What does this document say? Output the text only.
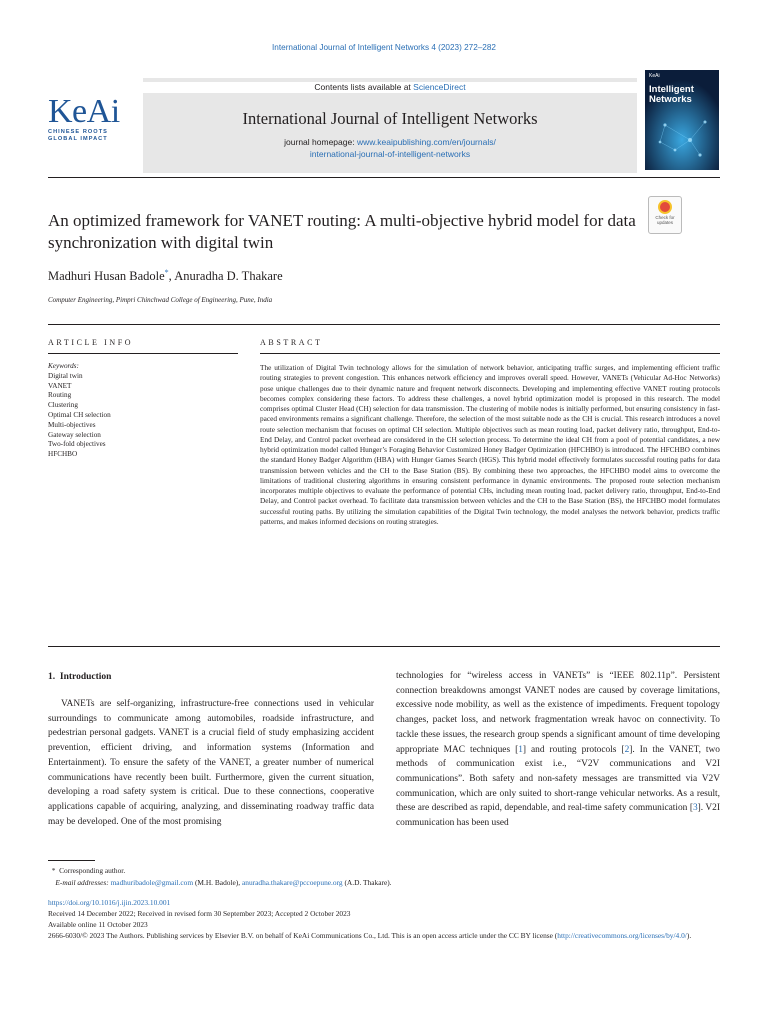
International Journal of Intelligent Networks 4 (2023) 272–282
KeAi
CHINESE ROOTS
GLOBAL IMPACT
Contents lists available at ScienceDirect
International Journal of Intelligent Networks
journal homepage: www.keaipublishing.com/en/journals/
international-journal-of-intelligent-networks
KeAi
Intelligent Networks
Check for
updates
An optimized framework for VANET routing: A multi-objective hybrid model for data synchronization with digital twin
Madhuri Husan Badole*, Anuradha D. Thakare
Computer Engineering, Pimpri Chinchwad College of Engineering, Pune, India
ARTICLE INFO	ABSTRACT
Keywords:
Digital twin
VANET
Routing
Clustering
Optimal CH selection
Multi-objectives
Gateway selection
Two-fold objectives
HFCHBO
The utilization of Digital Twin technology allows for the simulation of network behavior, anticipating traffic surges, and implementing efficient traffic routing strategies to prevent congestion. This enhances network efficiency and improves overall speed. However, VANETs (Vehicular Ad-Hoc Networks) pose unique challenges due to their dynamic nature and frequent network disconnects. Developing and implementing effective VANET routing protocols becomes complex considering these factors. To address these challenges, a novel hybrid optimization model is proposed in this research. The model comprises optimal Cluster Head (CH) selection for data transmission. The clustering of mobile nodes is initially performed, but ensuring consistency in fast-paced environments remains a significant challenge. Therefore, the selection of the most suitable node as the CH is crucial. This research introduces a novel route selection mechanism that focuses on optimal CH selection. Multiple objectives such as mean routing load, packet delivery ratio, throughput, End-to-End Delay, and Control packet overhead are considered in the CH selection process. To determine the ideal CH from a pool of potential candidates, a new hybrid optimization model called Hunger’s Foraging Behavior Customized Honey Badger Optimization (HFCHBO) is introduced. The HFCHBO combines the standard Honey Badger Algorithm (HBA) with Hunger Games Search (HGS). This hybrid model effectively formulates successful routing paths for data transmission between vehicles and the CH to the Base Station (BS). By combining these two approaches, the HFCHBO model aims to overcome the limitations of traditional clustering algorithms in ensuring consistent performance in dynamic environments. The proposed route selection mechanism incorporates multiple objectives to evaluate the performance of potential CHs, including mean routing load, packet delivery ratio, throughput, End-to-End Delay, and Control packet overhead. To facilitate data transmission between vehicles and the CH to the Base Station (BS), the HFCHBO model formulates successful routing paths. By utilizing the simulation capabilities of the Digital Twin technology, the model analyses the network behavior, predicts traffic patterns, and makes informed decisions on routing strategies.
1. Introduction
VANETs are self-organizing, infrastructure-free connections used in vehicular surroundings to communicate among automobiles, roadside infrastructure, and pedestrian personal gadgets. VANET is a crucial field of study emphasizing accident prevention, efficient driving, and information systems (Information and Entertainment). To ensure the safety of the VANET, a greater number of numerical communications have recently been built. Furthermore, given the current situation, developing a road safety system is critical. Due to these connections, cooperative applications capable of acquiring, analyzing, and disseminating roadway traffic data may be developed. One of the most promising
technologies for “wireless access in VANETs” is “IEEE 802.11p”. Persistent connection breakdowns amongst VANET nodes are caused by coverage limitations, excessive node mobility, as well as the existence of impediments. Frequent topology changes, packet loss, and network fragmentation wreak havoc on connectivity. To tackle these issues, the research group spends a significant amount of time developing appropriate MAC techniques [1] and routing protocols [2]. In the VANET, two methods of communication exist i.e., “V2V communications and V2I communications”. Both safety and non-safety messages are transmitted via V2V communication, which are only suited to short-range vehicular networks. As a result, these are described as rapid, dependable, and real-time safety communication [3]. V2I communication has been used
* Corresponding author.
E-mail addresses: madhuribadole@gmail.com (M.H. Badole), anuradha.thakare@pccoepune.org (A.D. Thakare).
https://doi.org/10.1016/j.ijin.2023.10.001
Received 14 December 2022; Received in revised form 30 September 2023; Accepted 2 October 2023
Available online 11 October 2023
2666-6030/© 2023 The Authors. Publishing services by Elsevier B.V. on behalf of KeAi Communications Co., Ltd. This is an open access article under the CC BY license (http://creativecommons.org/licenses/by/4.0/).
